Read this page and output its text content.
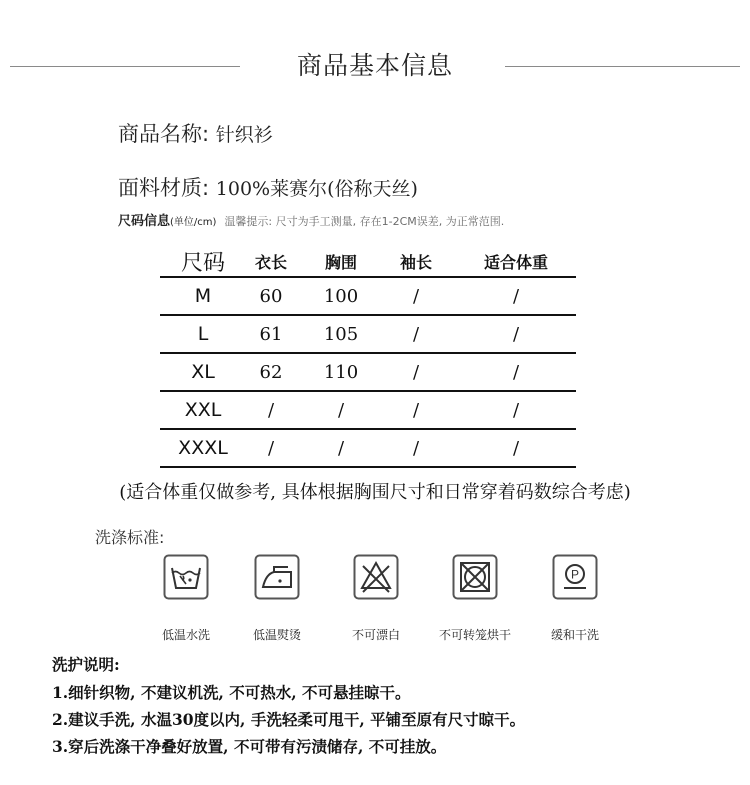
商品基本信息
商品名称: 针织衫
面料材质: 100%莱赛尔(俗称天丝)
尺码信息(单位/cm) 温馨提示: 尺寸为手工测量, 存在1-2CM误差, 为正常范围.
尺码	衣长	胸围	袖长	适合体重
M	60	100	/	/
L	61	105	/	/
XL	62	110	/	/
XXL	/	/	/	/
XXXL	/	/	/	/
(适合体重仅做参考, 具体根据胸围尺寸和日常穿着码数综合考虑)
洗涤标准:
P
低温水洗	低温熨烫	不可漂白	不可转笼烘干	缓和干洗
洗护说明:
1.细针织物, 不建议机洗, 不可热水, 不可悬挂晾干。
2.建议手洗, 水温30度以内, 手洗轻柔可甩干, 平铺至原有尺寸晾干。
3.穿后洗涤干净叠好放置, 不可带有污渍储存, 不可挂放。
